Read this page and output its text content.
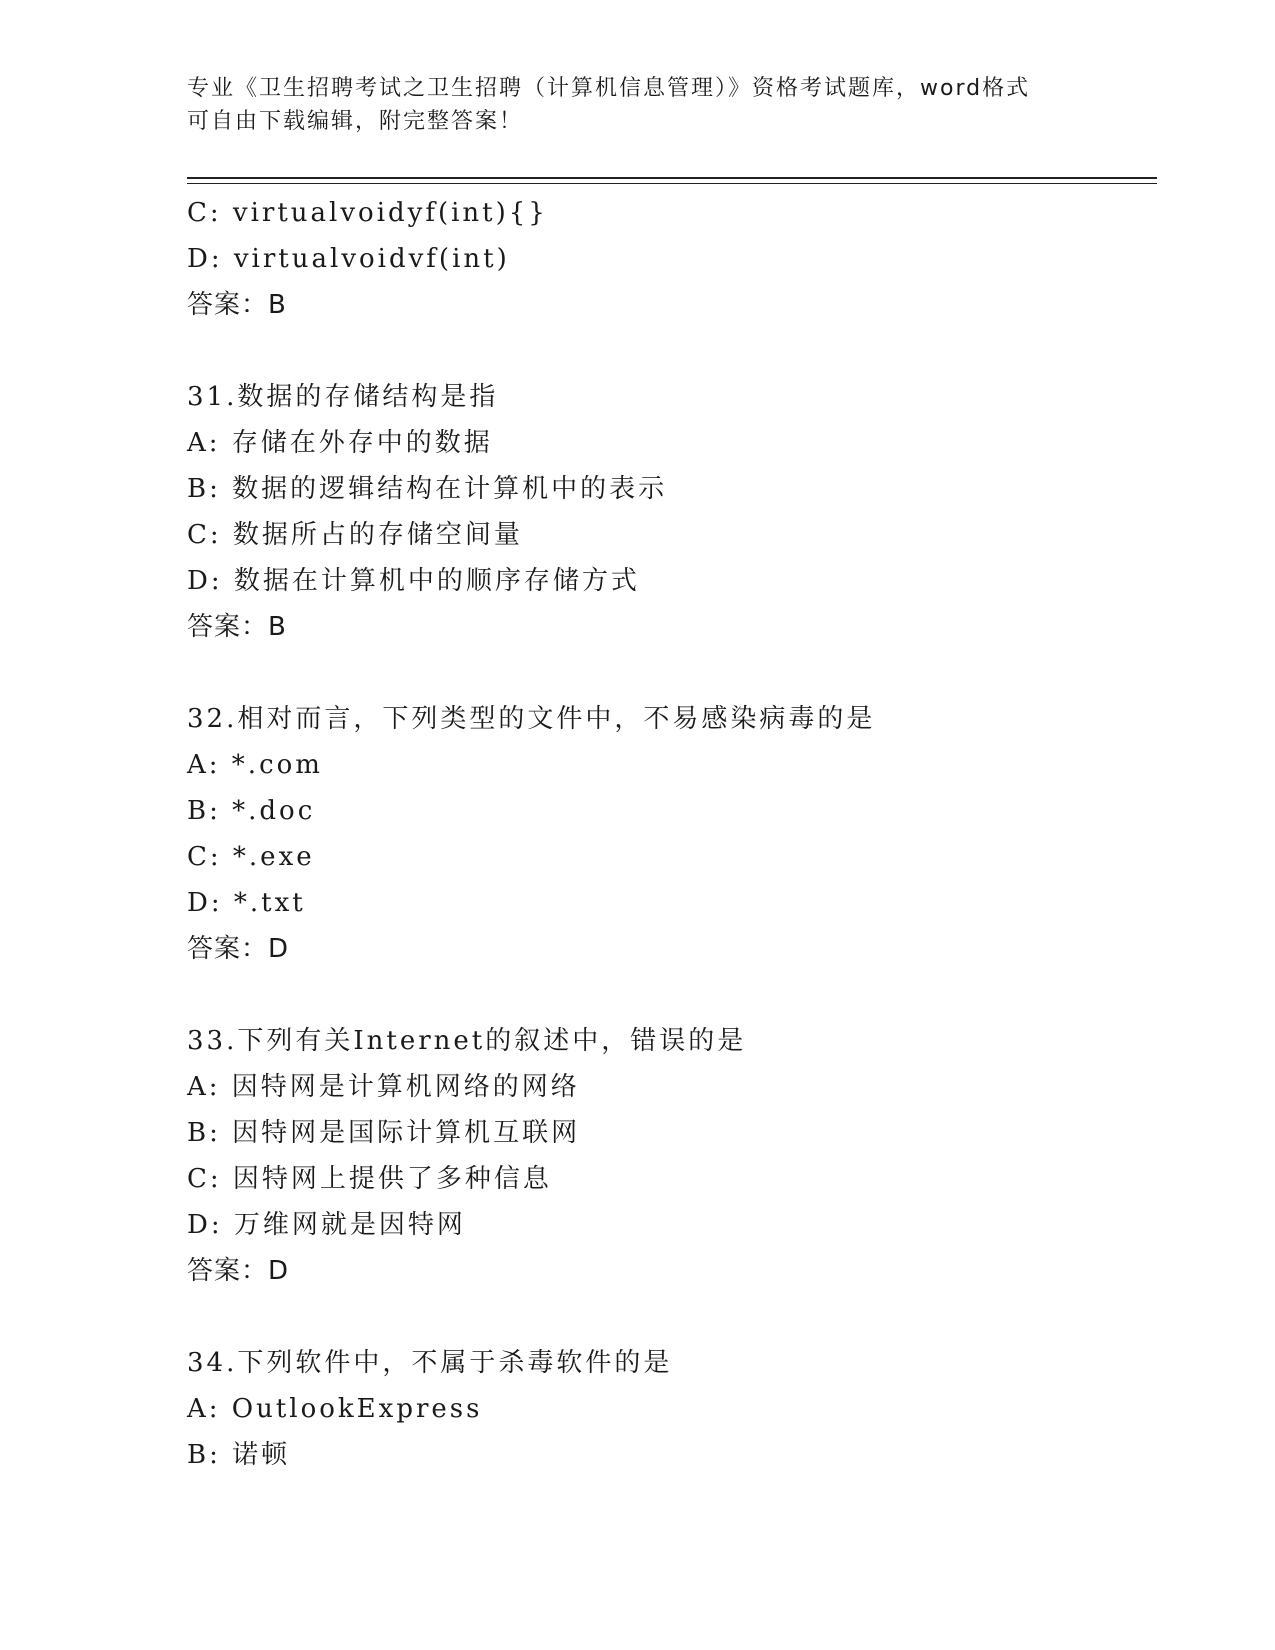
专业《卫生招聘考试之卫生招聘（计算机信息管理）》资格考试题库，word格式
可自由下载编辑，附完整答案！
C: virtualvoidyf(int){}
D: virtualvoidvf(int)
答案：B
31.数据的存储结构是指
A: 存储在外存中的数据
B: 数据的逻辑结构在计算机中的表示
C: 数据所占的存储空间量
D: 数据在计算机中的顺序存储方式
答案：B
32.相对而言，下列类型的文件中，不易感染病毒的是
A: *.com
B: *.doc
C: *.exe
D: *.txt
答案：D
33.下列有关Internet的叙述中，错误的是
A: 因特网是计算机网络的网络
B: 因特网是国际计算机互联网
C: 因特网上提供了多种信息
D: 万维网就是因特网
答案：D
34.下列软件中，不属于杀毒软件的是
A: OutlookExpress
B: 诺顿
